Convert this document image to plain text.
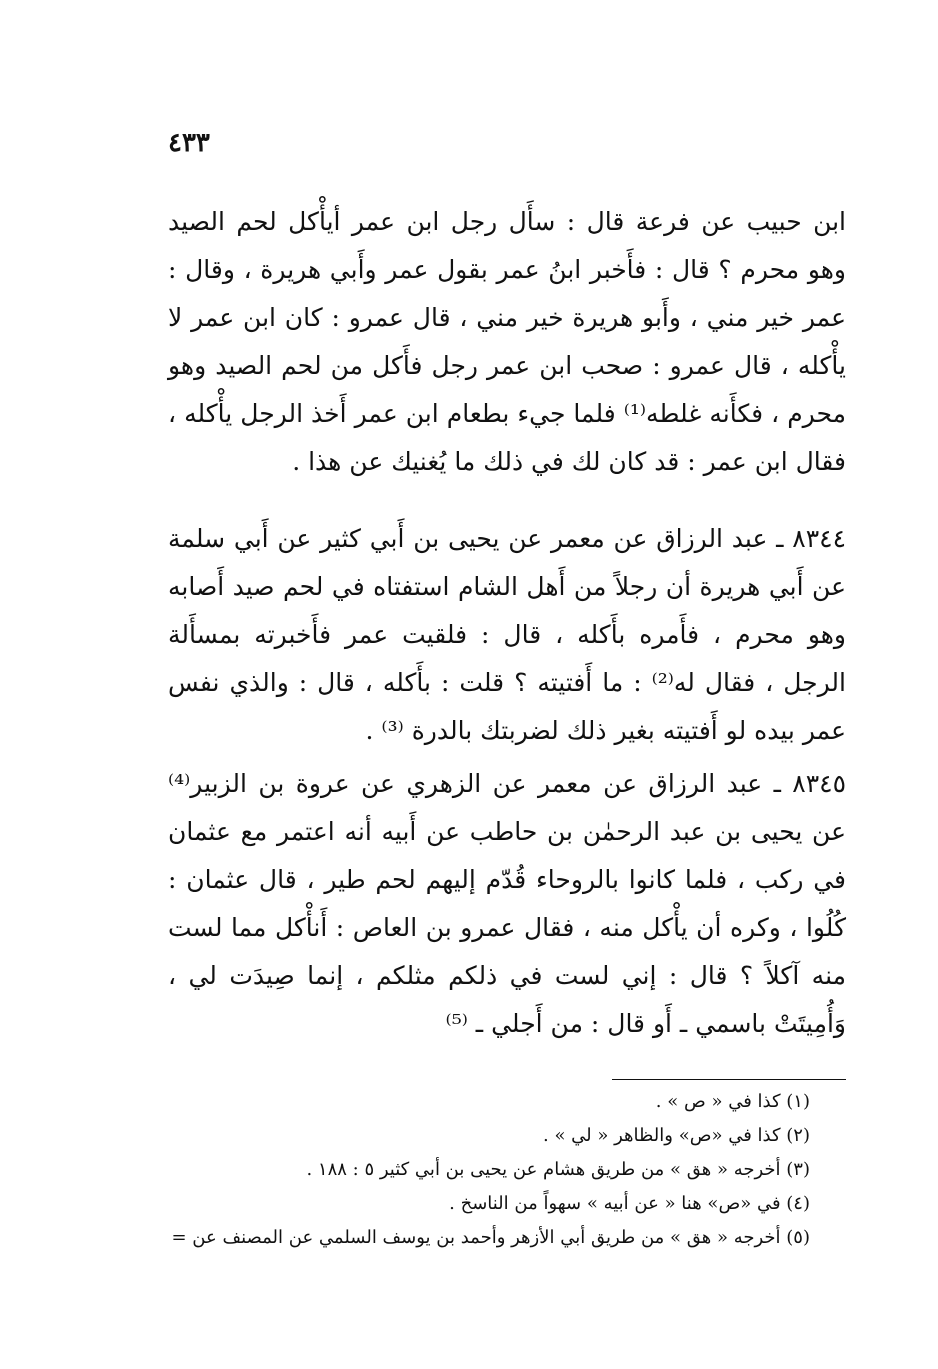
٤٣٣

ابن حبيب عن فرعة قال : سأَل رجل ابن عمر أيأْكل لحم الصيد وهو محرم ؟ قال : فأَخبر ابنُ عمر بقول عمر وأَبي هريرة ، وقال : عمر خير مني ، وأَبو هريرة خير مني ، قال عمرو : كان ابن عمر لا يأْكله ، قال عمرو : صحب ابن عمر رجل فأَكل من لحم الصيد وهو محرم ، فكأَنه غلطه⁽¹⁾ فلما جيء بطعام ابن عمر أَخذ الرجل يأْكله ، فقال ابن عمر : قد كان لك في ذلك ما يُغنيك عن هذا .

٨٣٤٤ ـ عبد الرزاق عن معمر عن يحيى بن أَبي كثير عن أَبي سلمة عن أَبي هريرة أن رجلاً من أَهل الشام استفتاه في لحم صيد أَصابه وهو محرم ، فأَمره بأَكله ، قال : فلقيت عمر فأَخبرته بمسأَلة الرجل ، فقال له⁽²⁾ : ما أَفتيته ؟ قلت : بأَكله ، قال : والذي نفس عمر بيده لو أَفتيته بغير ذلك لضربتك بالدرة ⁽³⁾ .

٨٣٤٥ ـ عبد الرزاق عن معمر عن الزهري عن عروة بن الزبير⁽⁴⁾ عن يحيى بن عبد الرحمٰن بن حاطب عن أَبيه أنه اعتمر مع عثمان في ركب ، فلما كانوا بالروحاء قُدّم إليهم لحم طير ، قال عثمان : كُلُوا ، وكره أن يأْكل منه ، فقال عمرو بن العاص : أَنأْكل مما لست منه آكلاً ؟ قال : إني لست في ذلكم مثلكم ، إنما صِيدَت لي ، وَأُمِيتَتْ باسمي ـ أَو قال : من أَجلي ـ ⁽⁵⁾

(١) كذا في « ص » .
(٢) كذا في «ص» والظاهر « لي » .
(٣) أخرجه « هق » من طريق هشام عن يحيى بن أبي كثير ٥ : ١٨٨ .
(٤) في «ص» هنا « عن أبيه » سهواً من الناسخ .
(٥) أخرجه « هق » من طريق أبي الأزهر وأحمد بن يوسف السلمي عن المصنف عن =
